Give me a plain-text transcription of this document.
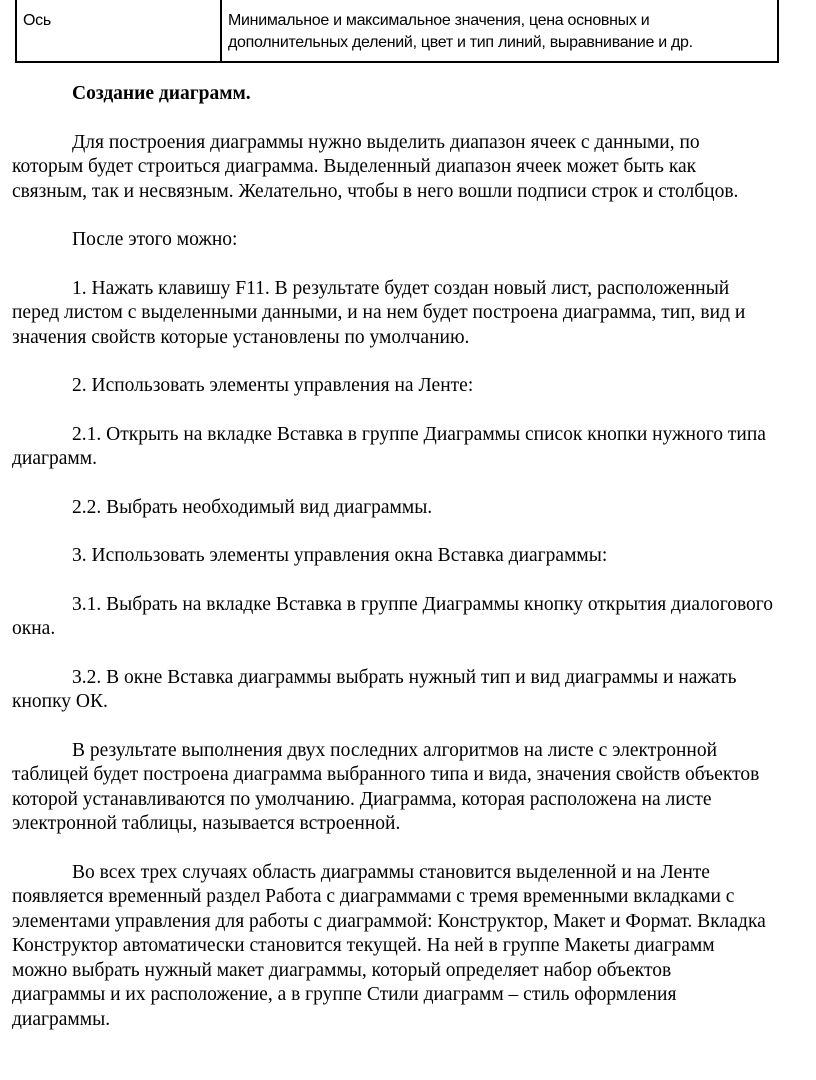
Ось	Минимальное и максимальное значения, цена основных и дополнительных делений, цвет и тип линий, выравнивание и др.
Создание диаграмм.
Для построения диаграммы нужно выделить диапазон ячеек с данными, по
которым будет строиться диаграмма. Выделенный диапазон ячеек может быть как
связным, так и несвязным. Желательно, чтобы в него вошли подписи строк и столбцов.
После этого можно:
1. Нажать клавишу F11. В результате будет создан новый лист, расположенный
перед листом с выделенными данными, и на нем будет построена диаграмма, тип, вид и
значения свойств которые установлены по умолчанию.
2. Использовать элементы управления на Ленте:
2.1. Открыть на вкладке Вставка в группе Диаграммы список кнопки нужного типа
диаграмм.
2.2. Выбрать необходимый вид диаграммы.
3. Использовать элементы управления окна Вставка диаграммы:
3.1. Выбрать на вкладке Вставка в группе Диаграммы кнопку открытия диалогового
окна.
3.2. В окне Вставка диаграммы выбрать нужный тип и вид диаграммы и нажать
кнопку ОК.
В результате выполнения двух последних алгоритмов на листе с электронной
таблицей будет построена диаграмма выбранного типа и вида, значения свойств объектов
которой устанавливаются по умолчанию. Диаграмма, которая расположена на листе
электронной таблицы, называется встроенной.
Во всех трех случаях область диаграммы становится выделенной и на Ленте
появляется временный раздел Работа с диаграммами с тремя временными вкладками с
элементами управления для работы с диаграммой: Конструктор, Макет и Формат. Вкладка
Конструктор автоматически становится текущей. На ней в группе Макеты диаграмм
можно выбрать нужный макет диаграммы, который определяет набор объектов
диаграммы и их расположение, а в группе Стили диаграмм – стиль оформления
диаграммы.
